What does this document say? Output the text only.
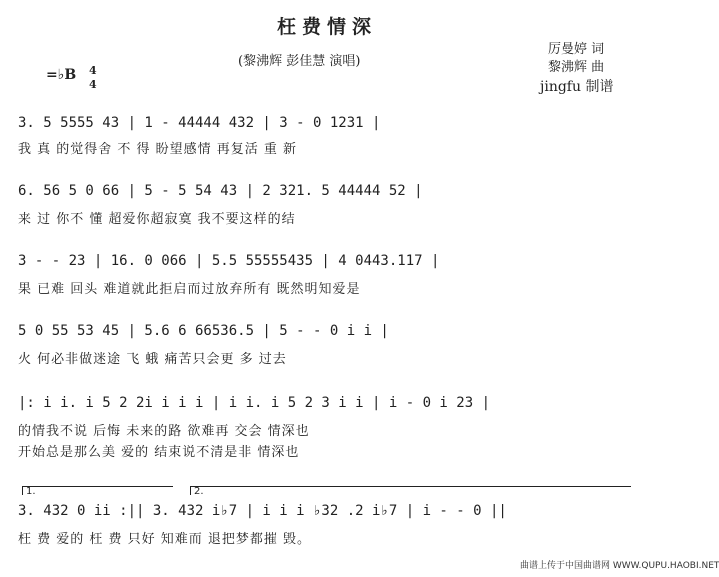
枉费情深
(黎沸辉 彭佳慧 演唱)
厉曼婷 词
黎沸辉 曲
jingfu 制谱
=♭B 4
4
3. 5 5555 43 | 1 - 44444 432 | 3 - 0 1231 |
我 真 的觉得舍 不 得 盼望感情 再复活 重 新
6. 56 5 0 66 | 5 - 5 54 43 | 2 321. 5 44444 52 |
来 过 你不 懂 超爱你超寂寞 我不要这样的结
3 - - 23 | 16. 0 066 | 5.5 55555435 | 4 0443.117 |
果 已难 回头 难道就此拒启而过放弃所有 既然明知爱是
5 0 55 53 45 | 5.6 6 66536.5 | 5 - - 0 i i |
火 何必非做迷途 飞 蛾 痛苦只会更 多 过去
|: i i. i 5 2 2i i i i | i i. i 5 2 3 i i | i - 0 i 23 |
的情我不说 后悔 未来的路 欲难再 交会 情深也
开始总是那么美 爱的 结束说不清是非 情深也
1.	2.
3. 432 0 ii :|| 3. 432 i♭7 | i i i ♭32 .2 i♭7 | i - - 0 ||
枉 费 爱的 枉 费 只好 知难而 退把梦都摧 毁。
曲谱上传于中国曲谱网 WWW.QUPU.HAOBI.NET
